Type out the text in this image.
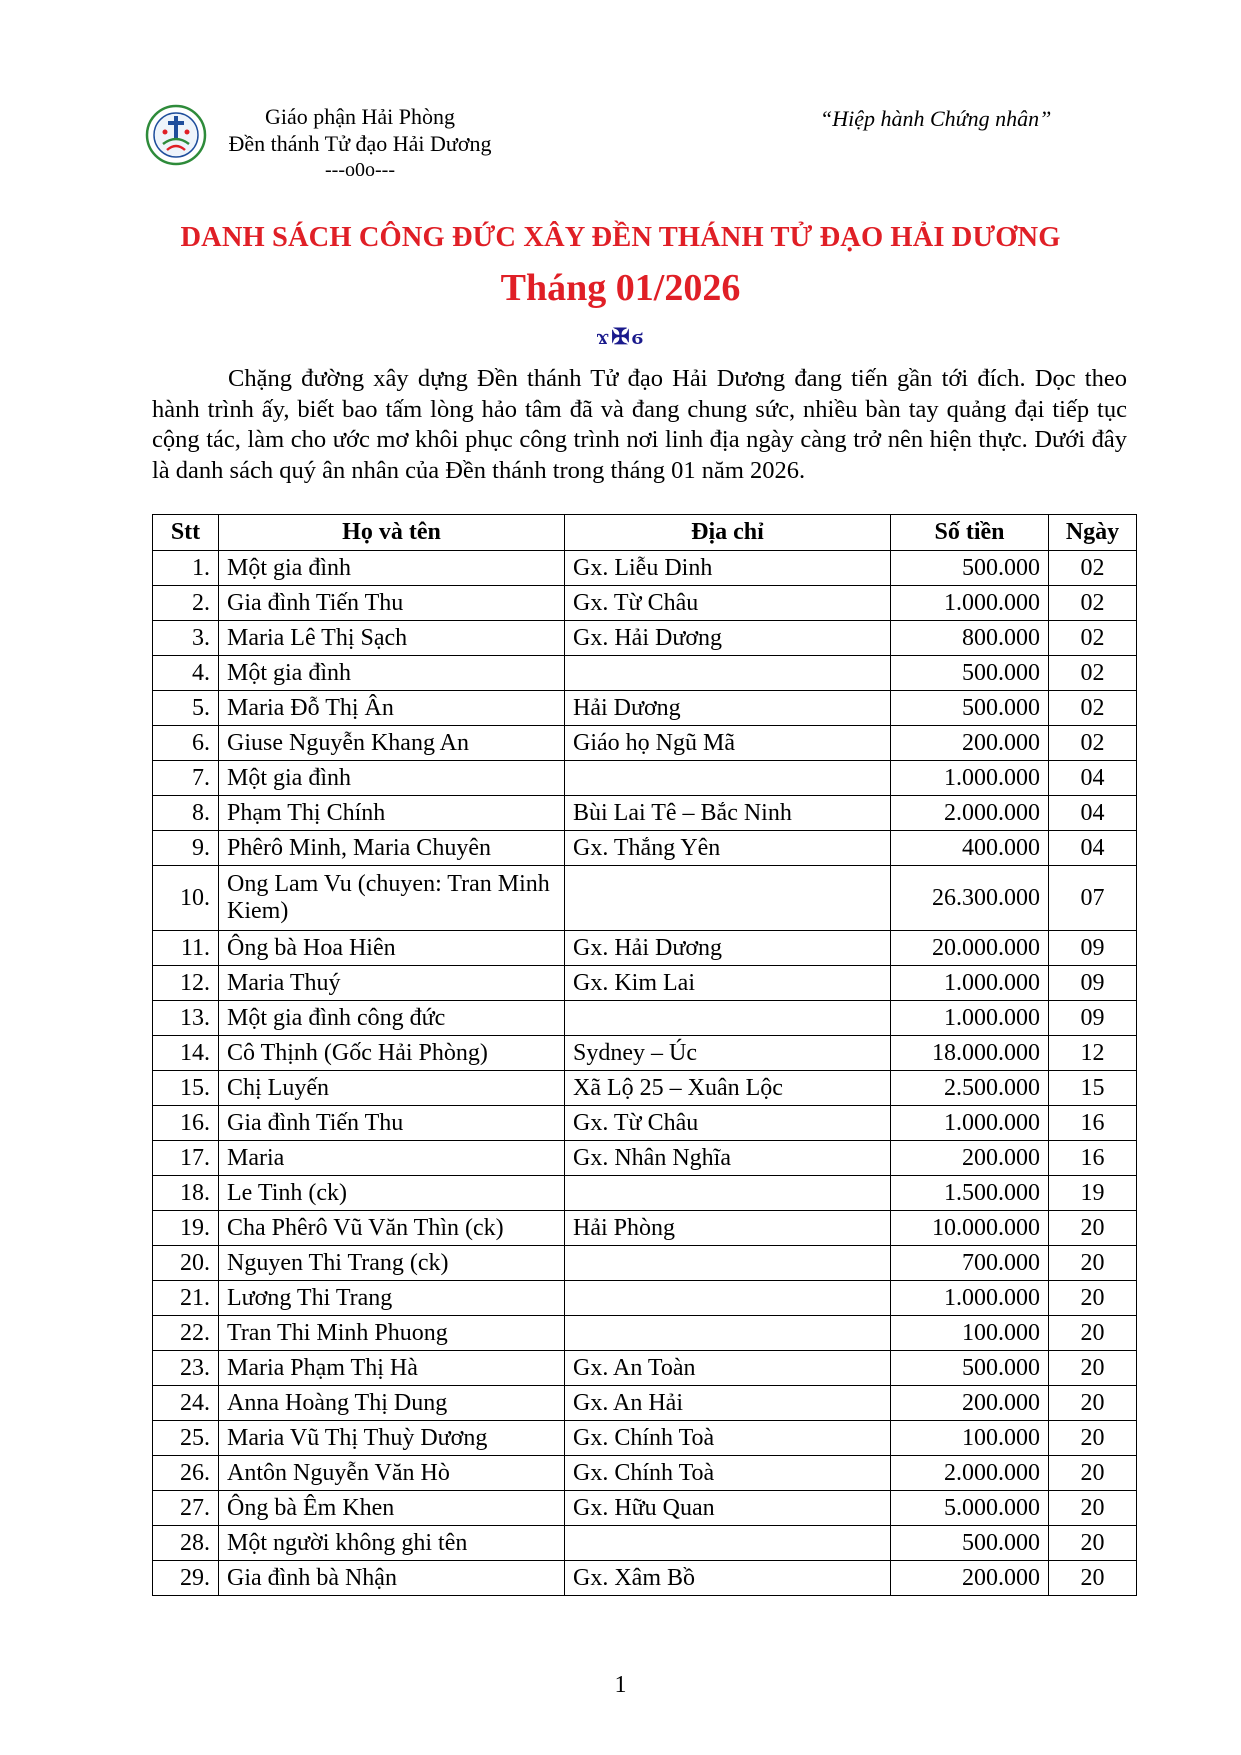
Giáo phận Hải Phòng
Đền thánh Tử đạo Hải Dương
---o0o---
“Hiệp hành Chứng nhân”
DANH SÁCH CÔNG ĐỨC XÂY ĐỀN THÁNH TỬ ĐẠO HẢI DƯƠNG
Tháng 01/2026
ϫ✠ϭ

Chặng đường xây dựng Đền thánh Tử đạo Hải Dương đang tiến gần tới đích. Dọc theo hành trình ấy, biết bao tấm lòng hảo tâm đã và đang chung sức, nhiều bàn tay quảng đại tiếp tục cộng tác, làm cho ước mơ khôi phục công trình nơi linh địa ngày càng trở nên hiện thực. Dưới đây là danh sách quý ân nhân của Đền thánh trong tháng 01 năm 2026.

Stt	Họ và tên	Địa chỉ	Số tiền	Ngày
1.	Một gia đình	Gx. Liễu Dinh	500.000	02
2.	Gia đình Tiến Thu	Gx. Từ Châu	1.000.000	02
3.	Maria Lê Thị Sạch	Gx. Hải Dương	800.000	02
4.	Một gia đình		500.000	02
5.	Maria Đỗ Thị Ân	Hải Dương	500.000	02
6.	Giuse Nguyễn Khang An	Giáo họ Ngũ Mã	200.000	02
7.	Một gia đình		1.000.000	04
8.	Phạm Thị Chính	Bùi Lai Tê – Bắc Ninh	2.000.000	04
9.	Phêrô Minh, Maria Chuyên	Gx. Thắng Yên	400.000	04
10.	Ong Lam Vu (chuyen: Tran Minh Kiem)		26.300.000	07
11.	Ông bà Hoa Hiên	Gx. Hải Dương	20.000.000	09
12.	Maria Thuý	Gx. Kim Lai	1.000.000	09
13.	Một gia đình công đức		1.000.000	09
14.	Cô Thịnh (Gốc Hải Phòng)	Sydney – Úc	18.000.000	12
15.	Chị Luyến	Xã Lộ 25 – Xuân Lộc	2.500.000	15
16.	Gia đình Tiến Thu	Gx. Từ Châu	1.000.000	16
17.	Maria	Gx. Nhân Nghĩa	200.000	16
18.	Le Tinh (ck)		1.500.000	19
19.	Cha Phêrô Vũ Văn Thìn (ck)	Hải Phòng	10.000.000	20
20.	Nguyen Thi Trang (ck)		700.000	20
21.	Lương Thi Trang		1.000.000	20
22.	Tran Thi Minh Phuong		100.000	20
23.	Maria Phạm Thị Hà	Gx. An Toàn	500.000	20
24.	Anna Hoàng Thị Dung	Gx. An Hải	200.000	20
25.	Maria Vũ Thị Thuỳ Dương	Gx. Chính Toà	100.000	20
26.	Antôn Nguyễn Văn Hò	Gx. Chính Toà	2.000.000	20
27.	Ông bà Êm Khen	Gx. Hữu Quan	5.000.000	20
28.	Một người không ghi tên		500.000	20
29.	Gia đình bà Nhận	Gx. Xâm Bồ	200.000	20
1
